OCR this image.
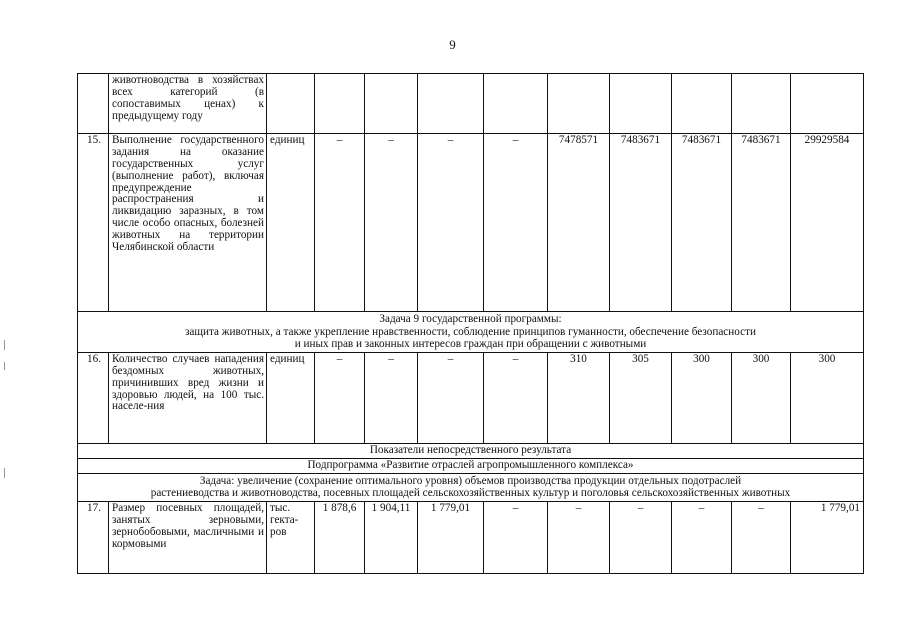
9
	животноводства в хозяйствах всех категорий (в сопоставимых ценах) к предыдущему году										
15.	Выполнение государственного задания на оказание государственных услуг (выполнение работ), включая предупреждение распространения и ликвидацию заразных, в том числе особо опасных, болезней животных на территории Челябинской области	единиц	–	–	–	–	7478571	7483671	7483671	7483671	29929584

Задача 9 государственной программы:
защита животных, а также укрепление нравственности, соблюдение принципов гуманности, обеспечение безопасности
и иных прав и законных интересов граждан при обращении с животными											

16.	Количество случаев нападения бездомных животных, причинивших вред жизни и здоровью людей, на 100 тыс. населе-ния	единиц	–	–	–	–	310	305	300	300	300
Показатели непосредственного результата											
Подпрограмма «Развитие отраслей агропромышленного комплекса»											

Задача: увеличение (сохранение оптимального уровня) объемов производства продукции отдельных подотраслей
растениеводства и животноводства, посевных площадей сельскохозяйственных культур и поголовья сельскохозяйственных животных											

17.	Размер посевных площадей, занятых зерновыми, зернобобовыми, масличными и кормовыми	тыс. гекта-ров	1 878,6	1 904,11	1 779,01	–	–	–	–	–	1 779,01
